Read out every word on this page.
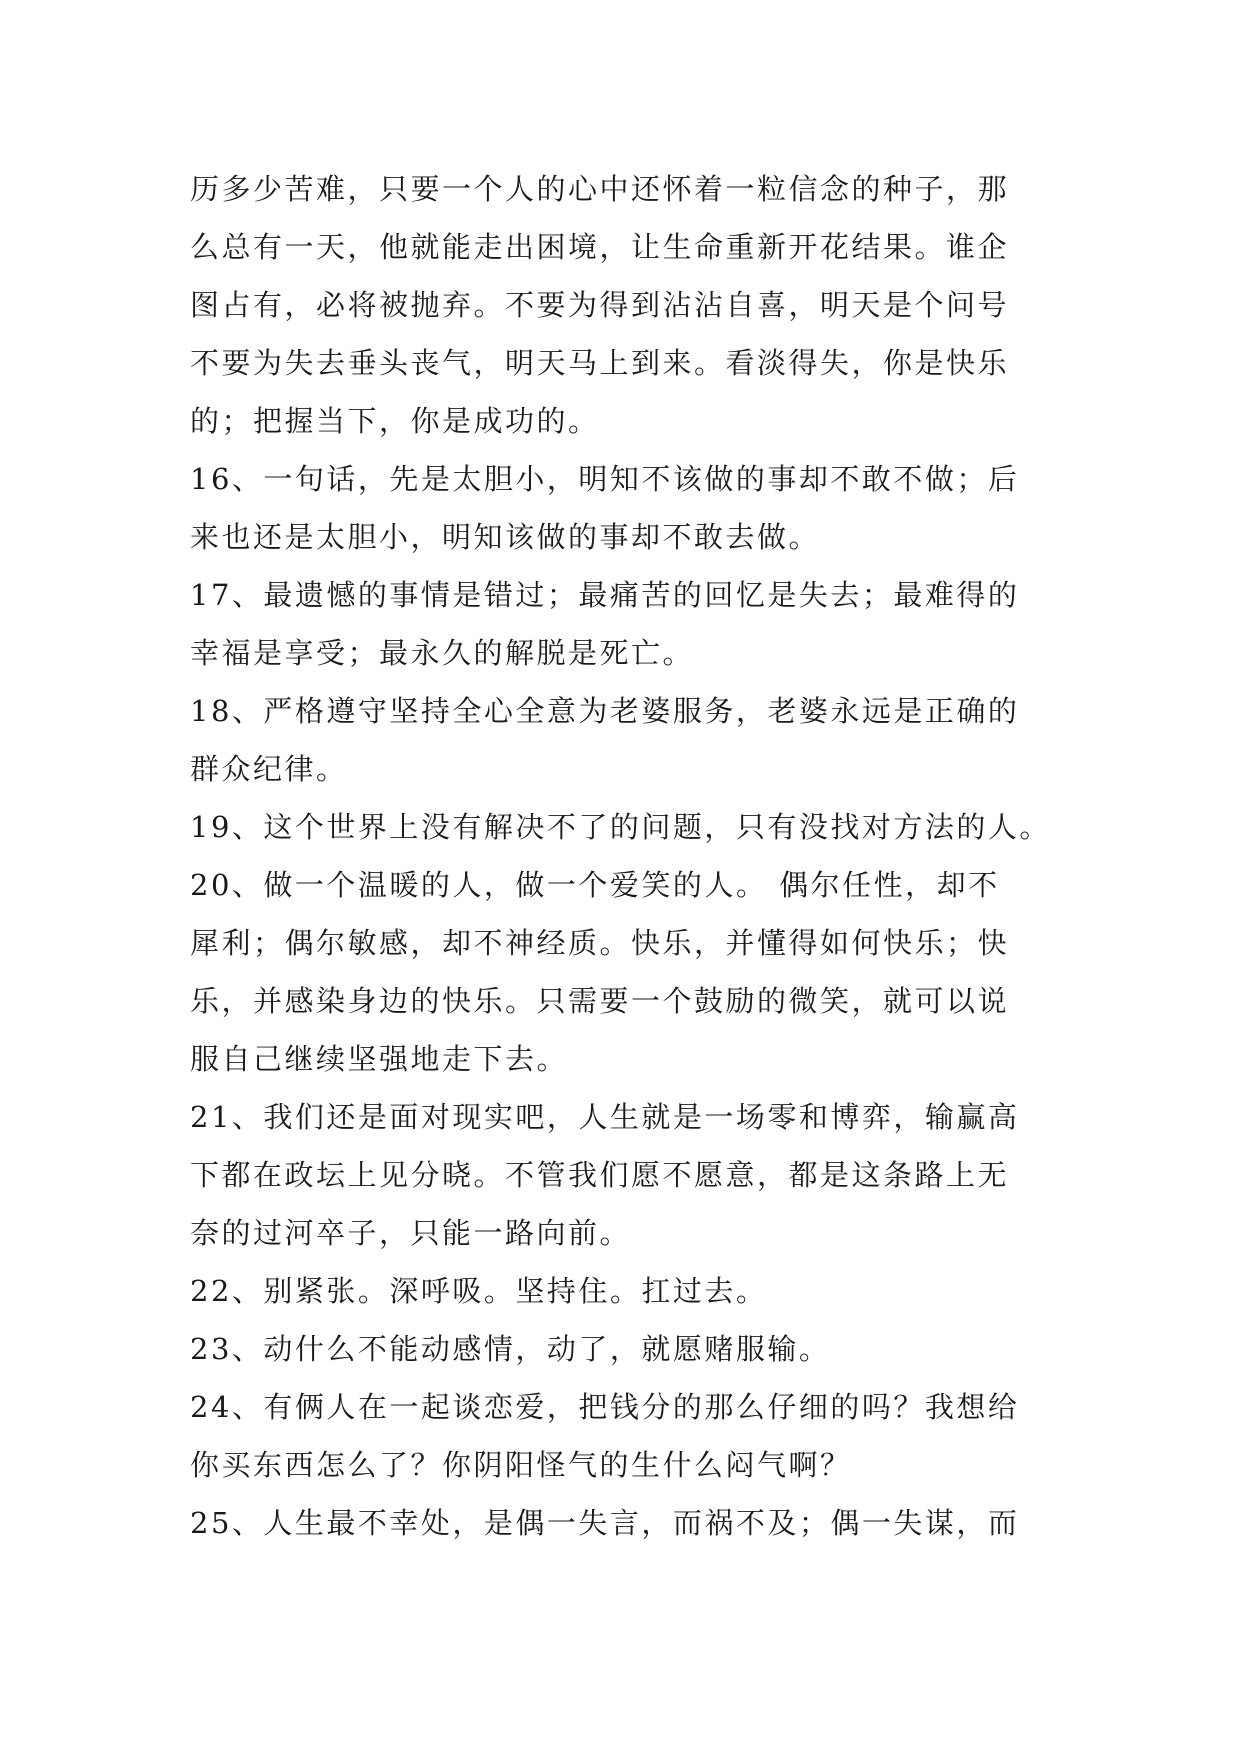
历多少苦难，只要一个人的心中还怀着一粒信念的种子，那
么总有一天，他就能走出困境，让生命重新开花结果。谁企
图占有，必将被抛弃。不要为得到沾沾自喜，明天是个问号
不要为失去垂头丧气，明天马上到来。看淡得失，你是快乐
的；把握当下，你是成功的。
16、一句话，先是太胆小，明知不该做的事却不敢不做；后
来也还是太胆小，明知该做的事却不敢去做。
17、最遗憾的事情是错过；最痛苦的回忆是失去；最难得的
幸福是享受；最永久的解脱是死亡。
18、严格遵守坚持全心全意为老婆服务，老婆永远是正确的
群众纪律。
19、这个世界上没有解决不了的问题，只有没找对方法的人。
20、做一个温暖的人，做一个爱笑的人。 偶尔任性，却不
犀利；偶尔敏感，却不神经质。快乐，并懂得如何快乐；快
乐，并感染身边的快乐。只需要一个鼓励的微笑，就可以说
服自己继续坚强地走下去。
21、我们还是面对现实吧，人生就是一场零和博弈，输赢高
下都在政坛上见分晓。不管我们愿不愿意，都是这条路上无
奈的过河卒子，只能一路向前。
22、别紧张。深呼吸。坚持住。扛过去。
23、动什么不能动感情，动了，就愿赌服输。
24、有俩人在一起谈恋爱，把钱分的那么仔细的吗？我想给
你买东西怎么了？你阴阳怪气的生什么闷气啊？
25、人生最不幸处，是偶一失言，而祸不及；偶一失谋，而
